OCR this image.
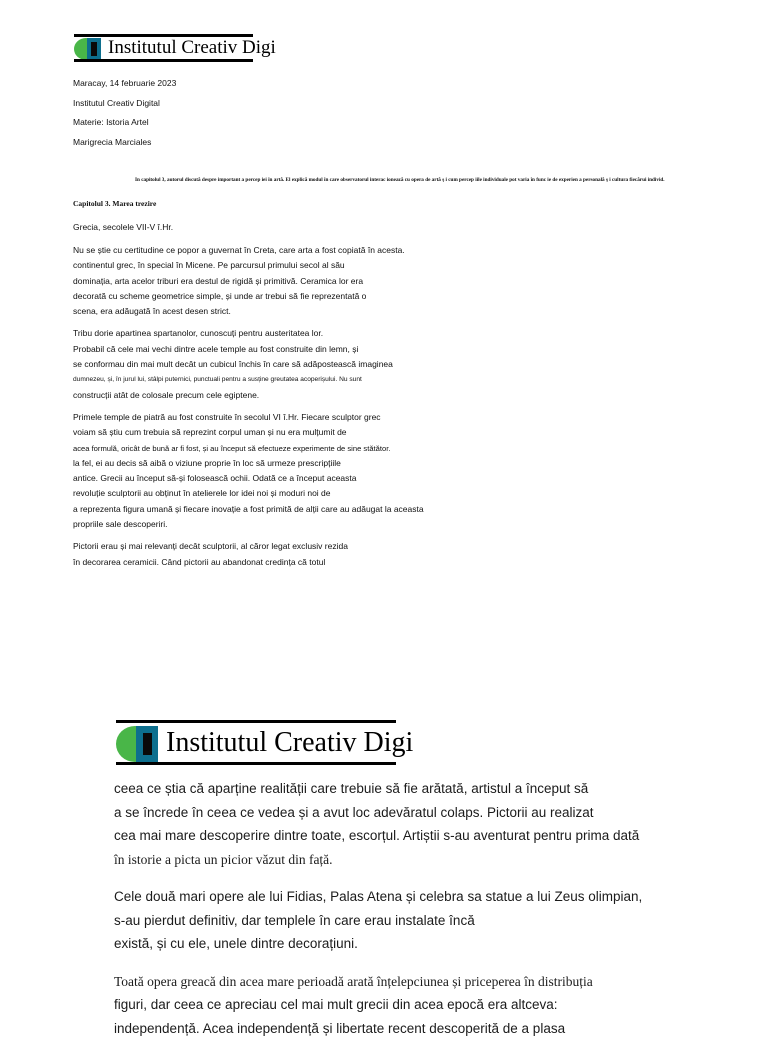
Institutul Creativ Digi
Maracay, 14 februarie 2023
Institutul Creativ Digital
Materie: Istoria Artel
Marigrecia Marciales
In capitolul 3, autorul discută despre important a percep iei în artă. El explică modul în care observatorul interac ionează cu opera de artă ş i cum percep iile individuale pot varia în func ie de experien a personală ş i cultura fiecărui individ.
Capitolul 3. Marea trezire
Grecia, secolele VII-V î.Hr.

Nu se știe cu certitudine ce popor a guvernat în Creta, care arta a fost copiată în acesta.
continentul grec, în special în Micene. Pe parcursul primului secol al său
dominația, arta acelor triburi era destul de rigidă și primitivă. Ceramica lor era
decorată cu scheme geometrice simple, și unde ar trebui să fie reprezentată o
scena, era adăugată în acest desen strict.

Tribu dorie apartinea spartanolor, cunoscuți pentru austeritatea lor.
Probabil că cele mai vechi dintre acele temple au fost construite din lemn, și
se conformau din mai mult decât un cubicul închis în care să adăpostească imaginea
dumnezeu, și, în jurul lui, stâlpi puternici, punctuali pentru a susține greutatea acoperișului. Nu sunt
construcții atât de colosale precum cele egiptene.

Primele temple de piatră au fost construite în secolul VI î.Hr. Fiecare sculptor grec
voiam să știu cum trebuia să reprezint corpul uman și nu era mulțumit de
acea formulă, oricât de bună ar fi fost, și au început să efectueze experimente de sine stătător.
la fel, ei au decis să aibă o viziune proprie în loc să urmeze prescripțiile
antice. Grecii au început să-și folosească ochii. Odată ce a început aceasta
revoluție sculptorii au obținut în atelierele lor idei noi și moduri noi de
a reprezenta figura umană și fiecare inovație a fost primită de alții care au adăugat la aceasta
propriile sale descoperiri.

Pictorii erau și mai relevanți decât sculptorii, al căror legat exclusiv rezida
în decorarea ceramicii. Când pictorii au abandonat credința că totul

Institutul Creativ Digi

ceea ce știa că aparține realității care trebuie să fie arătată, artistul a început să
a se încrede în ceea ce vedea și a avut loc adevăratul colaps. Pictorii au realizat
cea mai mare descoperire dintre toate, escorțul. Artiștii s-au aventurat pentru prima dată
în istorie a picta un picior văzut din față.

Cele două mari opere ale lui Fidias, Palas Atena și celebra sa statue a lui Zeus olimpian,
s-au pierdut definitiv, dar templele în care erau instalate încă
există, și cu ele, unele dintre decorațiuni.

Toată opera greacă din acea mare perioadă arată înțelepciunea și priceperea în distribuția
figuri, dar ceea ce apreciau cel mai mult grecii din acea epocă era altceva:
independență. Acea independență și libertate recent descoperită de a plasa
